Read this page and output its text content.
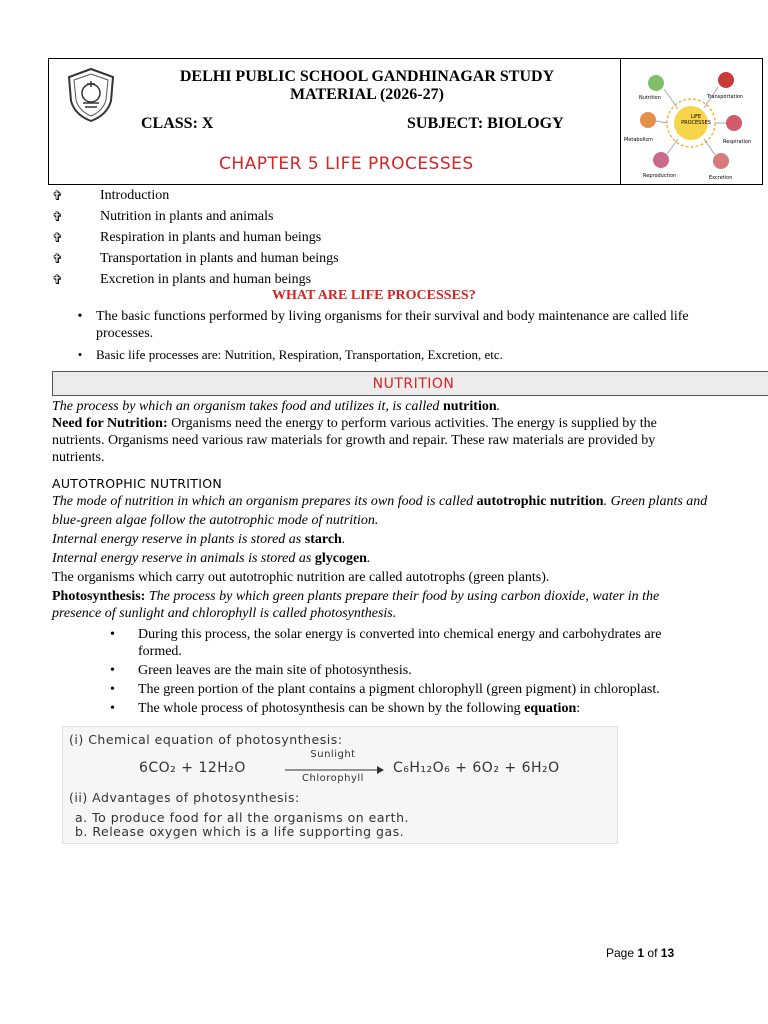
DELHI PUBLIC SCHOOL GANDHINAGAR STUDY
MATERIAL (2026-27)
CLASS: X	SUBJECT: BIOLOGY
CHAPTER 5 LIFE PROCESSES
LIFE PROCESSES
Nutrition	Transportation
Respiration
Excretion
Reproduction
Metabolism
✞	Introduction
✞	Nutrition in plants and animals
✞	Respiration in plants and human beings
✞	Transportation in plants and human beings
✞	Excretion in plants and human beings
WHAT ARE LIFE PROCESSES?
• The basic functions performed by living organisms for their survival and body maintenance are called life
processes.
•	Basic life processes are: Nutrition, Respiration, Transportation, Excretion, etc.
NUTRITION
The process by which an organism takes food and utilizes it, is called nutrition.
Need for Nutrition: Organisms need the energy to perform various activities. The energy is supplied by the
nutrients. Organisms need various raw materials for growth and repair. These raw materials are provided by
nutrients.
AUTOTROPHIC NUTRITION
The mode of nutrition in which an organism prepares its own food is called autotrophic nutrition. Green plants and
blue-green algae follow the autotrophic mode of nutrition.
Internal energy reserve in plants is stored as starch.
Internal energy reserve in animals is stored as glycogen.
The organisms which carry out autotrophic nutrition are called autotrophs (green plants).
Photosynthesis: The process by which green plants prepare their food by using carbon dioxide, water in the
presence of sunlight and chlorophyll is called photosynthesis.
•	During this process, the solar energy is converted into chemical energy and carbohydrates are
formed.
•	Green leaves are the main site of photosynthesis.
•	The green portion of the plant contains a pigment chlorophyll (green pigment) in chloroplast.
•	The whole process of photosynthesis can be shown by the following equation:
(i) Chemical equation of photosynthesis:
6CO₂ + 12H₂O
Sunlight
Chlorophyll
C₆H₁₂O₆ + 6O₂ + 6H₂O
(ii) Advantages of photosynthesis:
a. To produce food for all the organisms on earth.
b. Release oxygen which is a life supporting gas.
Page 1 of 13
